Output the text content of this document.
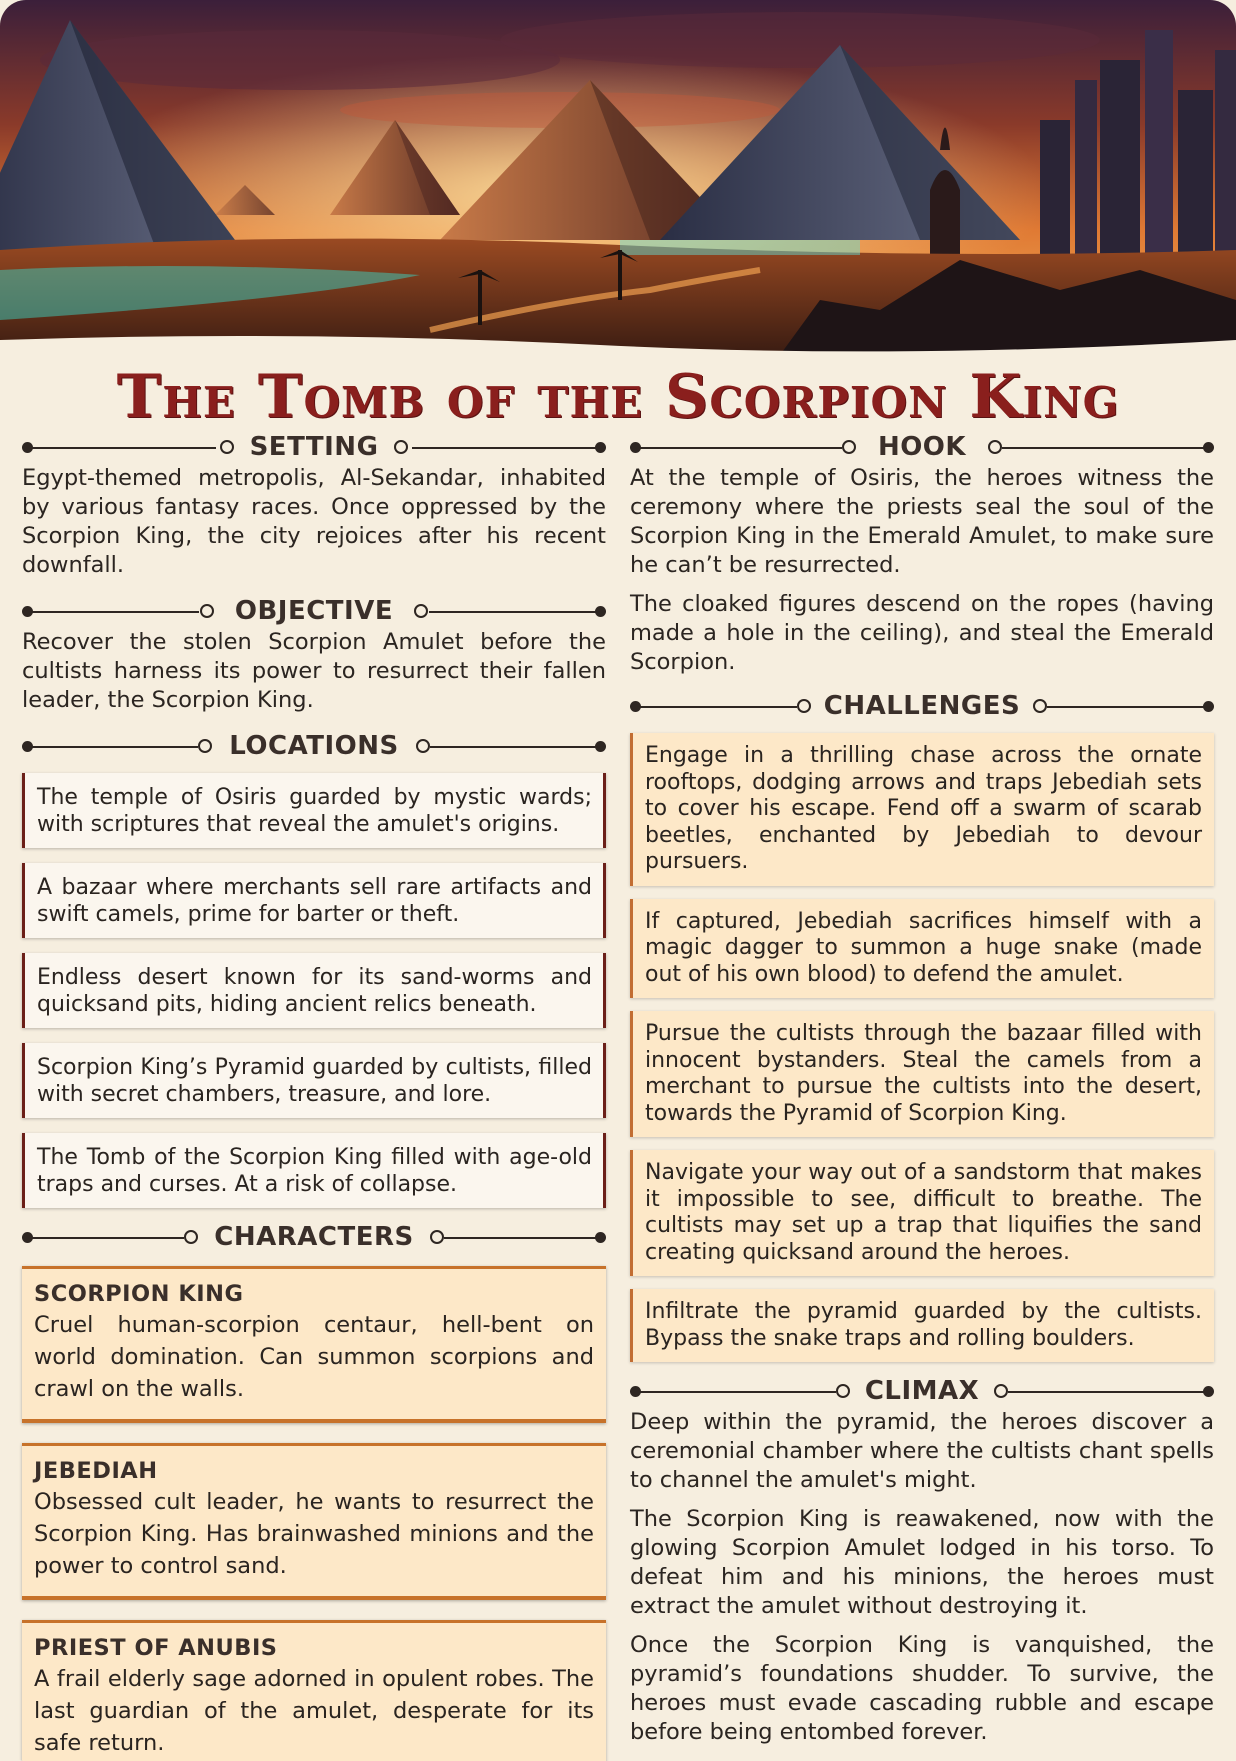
The Tomb of the Scorpion King
SETTING

Egypt-themed metropolis, Al-Sekandar, inhabited by various fantasy races. Once oppressed by the Scorpion King, the city rejoices after his recent downfall.

OBJECTIVE

Recover the stolen Scorpion Amulet before the cultists harness its power to resurrect their fallen leader, the Scorpion King.

LOCATIONS
The temple of Osiris guarded by mystic wards; with scriptures that reveal the amulet's origins.
A bazaar where merchants sell rare artifacts and swift camels, prime for barter or theft.
Endless desert known for its sand-worms and quicksand pits, hiding ancient relics beneath.
Scorpion King’s Pyramid guarded by cultists, filled with secret chambers, treasure, and lore.
The Tomb of the Scorpion King filled with age-old traps and curses. At a risk of collapse.
CHARACTERS
SCORPION KING
Cruel human-scorpion centaur, hell-bent on world domination. Can summon scorpions and crawl on the walls.
JEBEDIAH
Obsessed cult leader, he wants to resurrect the Scorpion King. Has brainwashed minions and the power to control sand.
PRIEST OF ANUBIS
A frail elderly sage adorned in opulent robes. The last guardian of the amulet, desperate for its safe return.
HOOK

At the temple of Osiris, the heroes witness the ceremony where the priests seal the soul of the Scorpion King in the Emerald Amulet, to make sure he can’t be resurrected.

The cloaked figures descend on the ropes (having made a hole in the ceiling), and steal the Emerald Scorpion.

CHALLENGES
Engage in a thrilling chase across the ornate rooftops, dodging arrows and traps Jebediah sets to cover his escape. Fend off a swarm of scarab beetles, enchanted by Jebediah to devour pursuers.
If captured, Jebediah sacrifices himself with a magic dagger to summon a huge snake (made out of his own blood) to defend the amulet.
Pursue the cultists through the bazaar filled with innocent bystanders. Steal the camels from a merchant to pursue the cultists into the desert, towards the Pyramid of Scorpion King.
Navigate your way out of a sandstorm that makes it impossible to see, difficult to breathe. The cultists may set up a trap that liquifies the sand creating quicksand around the heroes.
Infiltrate the pyramid guarded by the cultists. Bypass the snake traps and rolling boulders.
CLIMAX

Deep within the pyramid, the heroes discover a ceremonial chamber where the cultists chant spells to channel the amulet's might.

The Scorpion King is reawakened, now with the glowing Scorpion Amulet lodged in his torso. To defeat him and his minions, the heroes must extract the amulet without destroying it.

Once the Scorpion King is vanquished, the pyramid’s foundations shudder. To survive, the heroes must evade cascading rubble and escape before being entombed forever.
